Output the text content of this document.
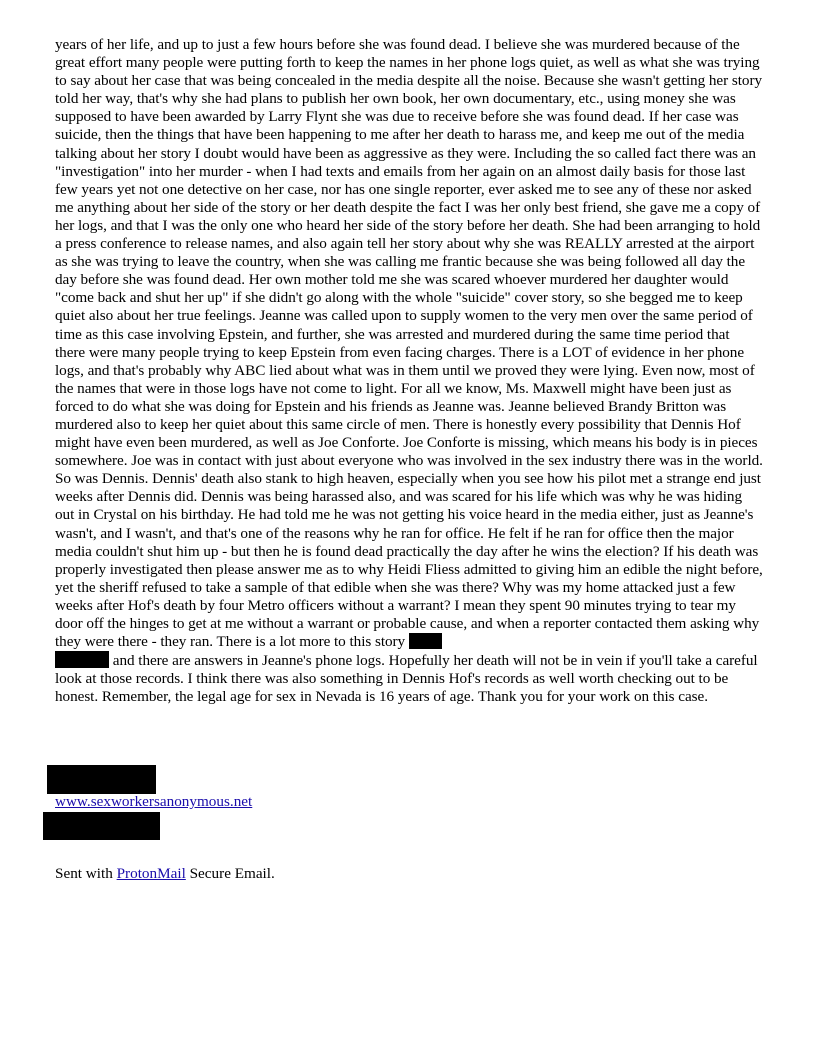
years of her life, and up to just a few hours before she was found dead. I believe she was murdered because of the great effort many people were putting forth to keep the names in her phone logs quiet, as well as what she was trying to say about her case that was being concealed in the media despite all the noise. Because she wasn't getting her story told her way, that's why she had plans to publish her own book, her own documentary, etc., using money she was supposed to have been awarded by Larry Flynt she was due to receive before she was found dead. If her case was suicide, then the things that have been happening to me after her death to harass me, and keep me out of the media talking about her story I doubt would have been as aggressive as they were. Including the so called fact there was an "investigation" into her murder - when I had texts and emails from her again on an almost daily basis for those last few years yet not one detective on her case, nor has one single reporter, ever asked me to see any of these nor asked me anything about her side of the story or her death despite the fact I was her only best friend, she gave me a copy of her logs, and that I was the only one who heard her side of the story before her death. She had been arranging to hold a press conference to release names, and also again tell her story about why she was REALLY arrested at the airport as she was trying to leave the country, when she was calling me frantic because she was being followed all day the day before she was found dead. Her own mother told me she was scared whoever murdered her daughter would "come back and shut her up" if she didn't go along with the whole "suicide" cover story, so she begged me to keep quiet also about her true feelings. Jeanne was called upon to supply women to the very men over the same period of time as this case involving Epstein, and further, she was arrested and murdered during the same time period that there were many people trying to keep Epstein from even facing charges. There is a LOT of evidence in her phone logs, and that's probably why ABC lied about what was in them until we proved they were lying. Even now, most of the names that were in those logs have not come to light. For all we know, Ms. Maxwell might have been just as forced to do what she was doing for Epstein and his friends as Jeanne was. Jeanne believed Brandy Britton was murdered also to keep her quiet about this same circle of men. There is honestly every possibility that Dennis Hof might have even been murdered, as well as Joe Conforte. Joe Conforte is missing, which means his body is in pieces somewhere. Joe was in contact with just about everyone who was involved in the sex industry there was in the world. So was Dennis. Dennis' death also stank to high heaven, especially when you see how his pilot met a strange end just weeks after Dennis did. Dennis was being harassed also, and was scared for his life which was why he was hiding out in Crystal on his birthday. He had told me he was not getting his voice heard in the media either, just as Jeanne's wasn't, and I wasn't, and that's one of the reasons why he ran for office. He felt if he ran for office then the major media couldn't shut him up - but then he is found dead practically the day after he wins the election? If his death was properly investigated then please answer me as to why Heidi Fliess admitted to giving him an edible the night before, yet the sheriff refused to take a sample of that edible when she was there? Why was my home attacked just a few weeks after Hof's death by four Metro officers without a warrant? I mean they spent 90 minutes trying to tear my door off the hinges to get at me without a warrant or probable cause, and when a reporter contacted them asking why they were there - they ran. There is a lot more to this story
and there are answers in Jeanne's phone logs. Hopefully her death will not be in vein if you'll take a careful look at those records. I think there was also something in Dennis Hof's records as well worth checking out to be honest. Remember, the legal age for sex in Nevada is 16 years of age. Thank you for your work on this case.

www.sexworkersanonymous.net
Sent with ProtonMail Secure Email.
